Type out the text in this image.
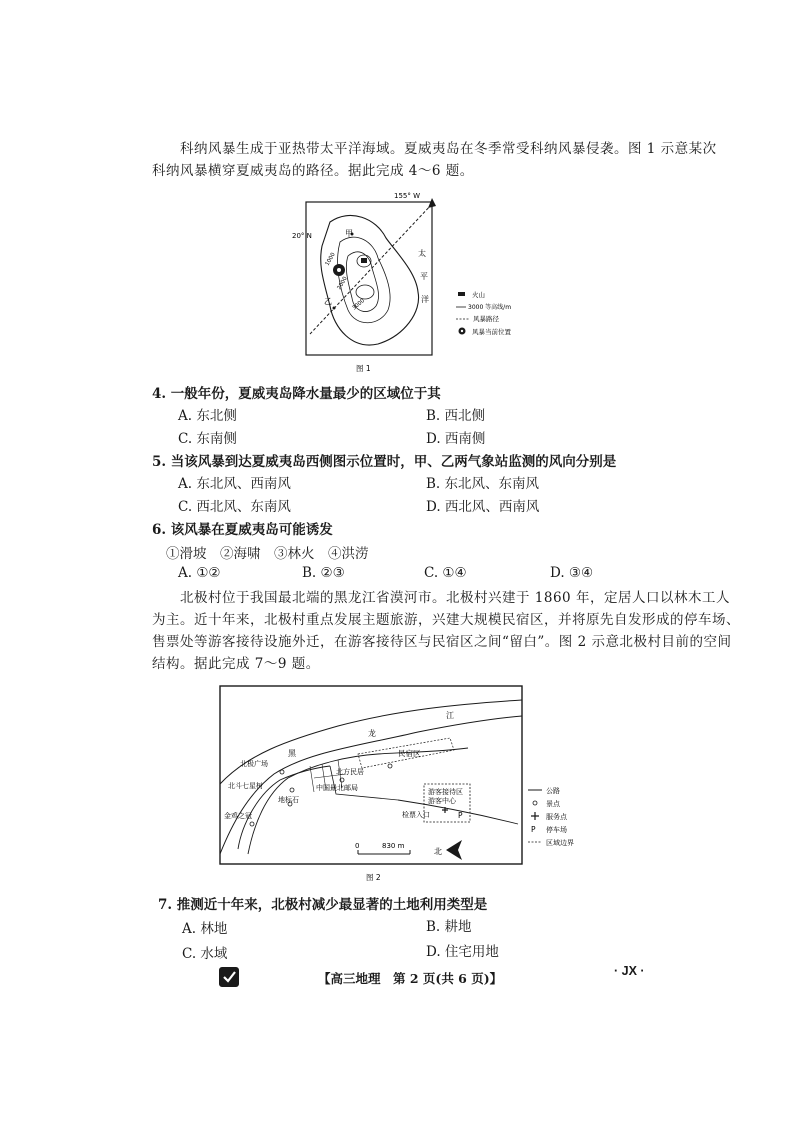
科纳风暴生成于亚热带太平洋海域。夏威夷岛在冬季常受科纳风暴侵袭。图 1 示意某次
科纳风暴横穿夏威夷岛的路径。据此完成 4～6 题。
155° W
20° N	甲
乙
太
平
洋
1000
2000
3000
火山
3000 等高线/m
风暴路径
风暴当前位置
图 1
4. 一般年份，夏威夷岛降水量最少的区域位于其
A. 东北侧	B. 西北侧
C. 东南侧	D. 西南侧
5. 当该风暴到达夏威夷岛西侧图示位置时，甲、乙两气象站监测的风向分别是
A. 东北风、西南风	B. 东北风、东南风
C. 西北风、东南风	D. 西北风、西南风
6. 该风暴在夏威夷岛可能诱发
①滑坡　②海啸　③林火　④洪涝
A. ①②	B. ②③	C. ①④	D. ③④
北极村位于我国最北端的黑龙江省漠河市。北极村兴建于 1860 年，定居人口以林木工人
为主。近十年来，北极村重点发展主题旅游，兴建大规模民宿区，并将原先自发形成的停车场、
售票处等游客接待设施外迁，在游客接待区与民宿区之间“留白”。图 2 示意北极村目前的空间
结构。据此完成 7～9 题。
黑
龙
江
北极广场
北斗七星树	中国最北邮局
北方民居
地标石
金鸡之冠
民宿区
游客接待区
游客中心
检票入口	P
0	830 m
北
公路
景点
服务点
P 停车场
区域边界
图 2
7. 推测近十年来，北极村减少最显著的土地利用类型是
A. 林地	B. 耕地
C. 水域	D. 住宅用地
【高三地理　第 2 页(共 6 页)】	· JX ·
